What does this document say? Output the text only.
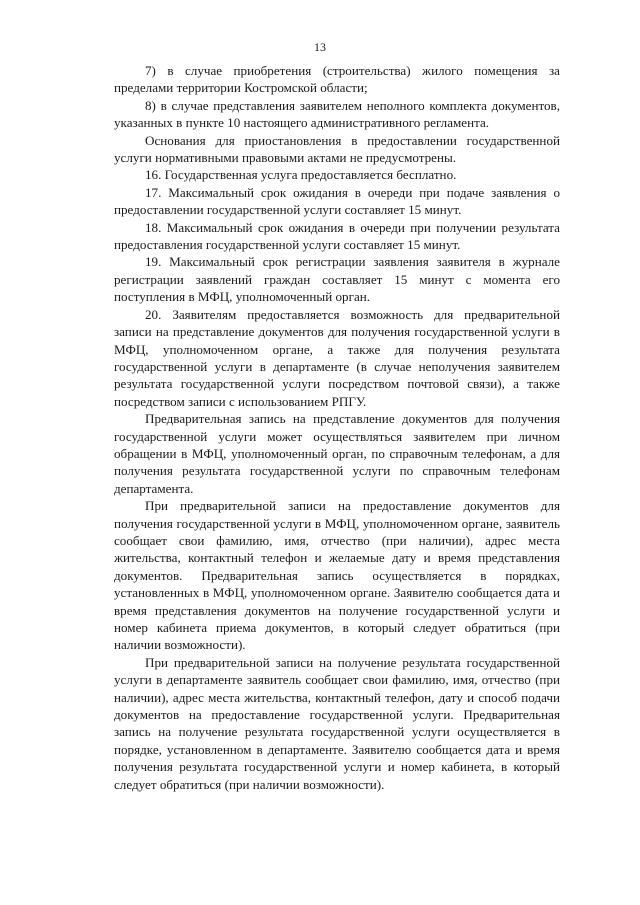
13

7) в случае приобретения (строительства) жилого помещения за пределами территории Костромской области;

8) в случае представления заявителем неполного комплекта документов, указанных в пункте 10 настоящего административного регламента.

Основания для приостановления в предоставлении государственной услуги нормативными правовыми актами не предусмотрены.

16. Государственная услуга предоставляется бесплатно.

17. Максимальный срок ожидания в очереди при подаче заявления о предоставлении государственной услуги составляет 15 минут.

18. Максимальный срок ожидания в очереди при получении результата предоставления государственной услуги составляет 15 минут.

19. Максимальный срок регистрации заявления заявителя в журнале регистрации заявлений граждан составляет 15 минут с момента его поступления в МФЦ, уполномоченный орган.

20. Заявителям предоставляется возможность для предварительной записи на представление документов для получения государственной услуги в МФЦ, уполномоченном органе, а также для получения результата государственной услуги в департаменте (в случае неполучения заявителем результата государственной услуги посредством почтовой связи), а также посредством записи с использованием РПГУ.

Предварительная запись на представление документов для получения государственной услуги может осуществляться заявителем при личном обращении в МФЦ, уполномоченный орган, по справочным телефонам, а для получения результата государственной услуги по справочным телефонам департамента.

При предварительной записи на предоставление документов для получения государственной услуги в МФЦ, уполномоченном органе, заявитель сообщает свои фамилию, имя, отчество (при наличии), адрес места жительства, контактный телефон и желаемые дату и время представления документов. Предварительная запись осуществляется в порядках, установленных в МФЦ, уполномоченном органе. Заявителю сообщается дата и время представления документов на получение государственной услуги и номер кабинета приема документов, в который следует обратиться (при наличии возможности).

При предварительной записи на получение результата государственной услуги в департаменте заявитель сообщает свои фамилию, имя, отчество (при наличии), адрес места жительства, контактный телефон, дату и способ подачи документов на предоставление государственной услуги. Предварительная запись на получение результата государственной услуги осуществляется в порядке, установленном в департаменте. Заявителю сообщается дата и время получения результата государственной услуги и номер кабинета, в который следует обратиться (при наличии возможности).
